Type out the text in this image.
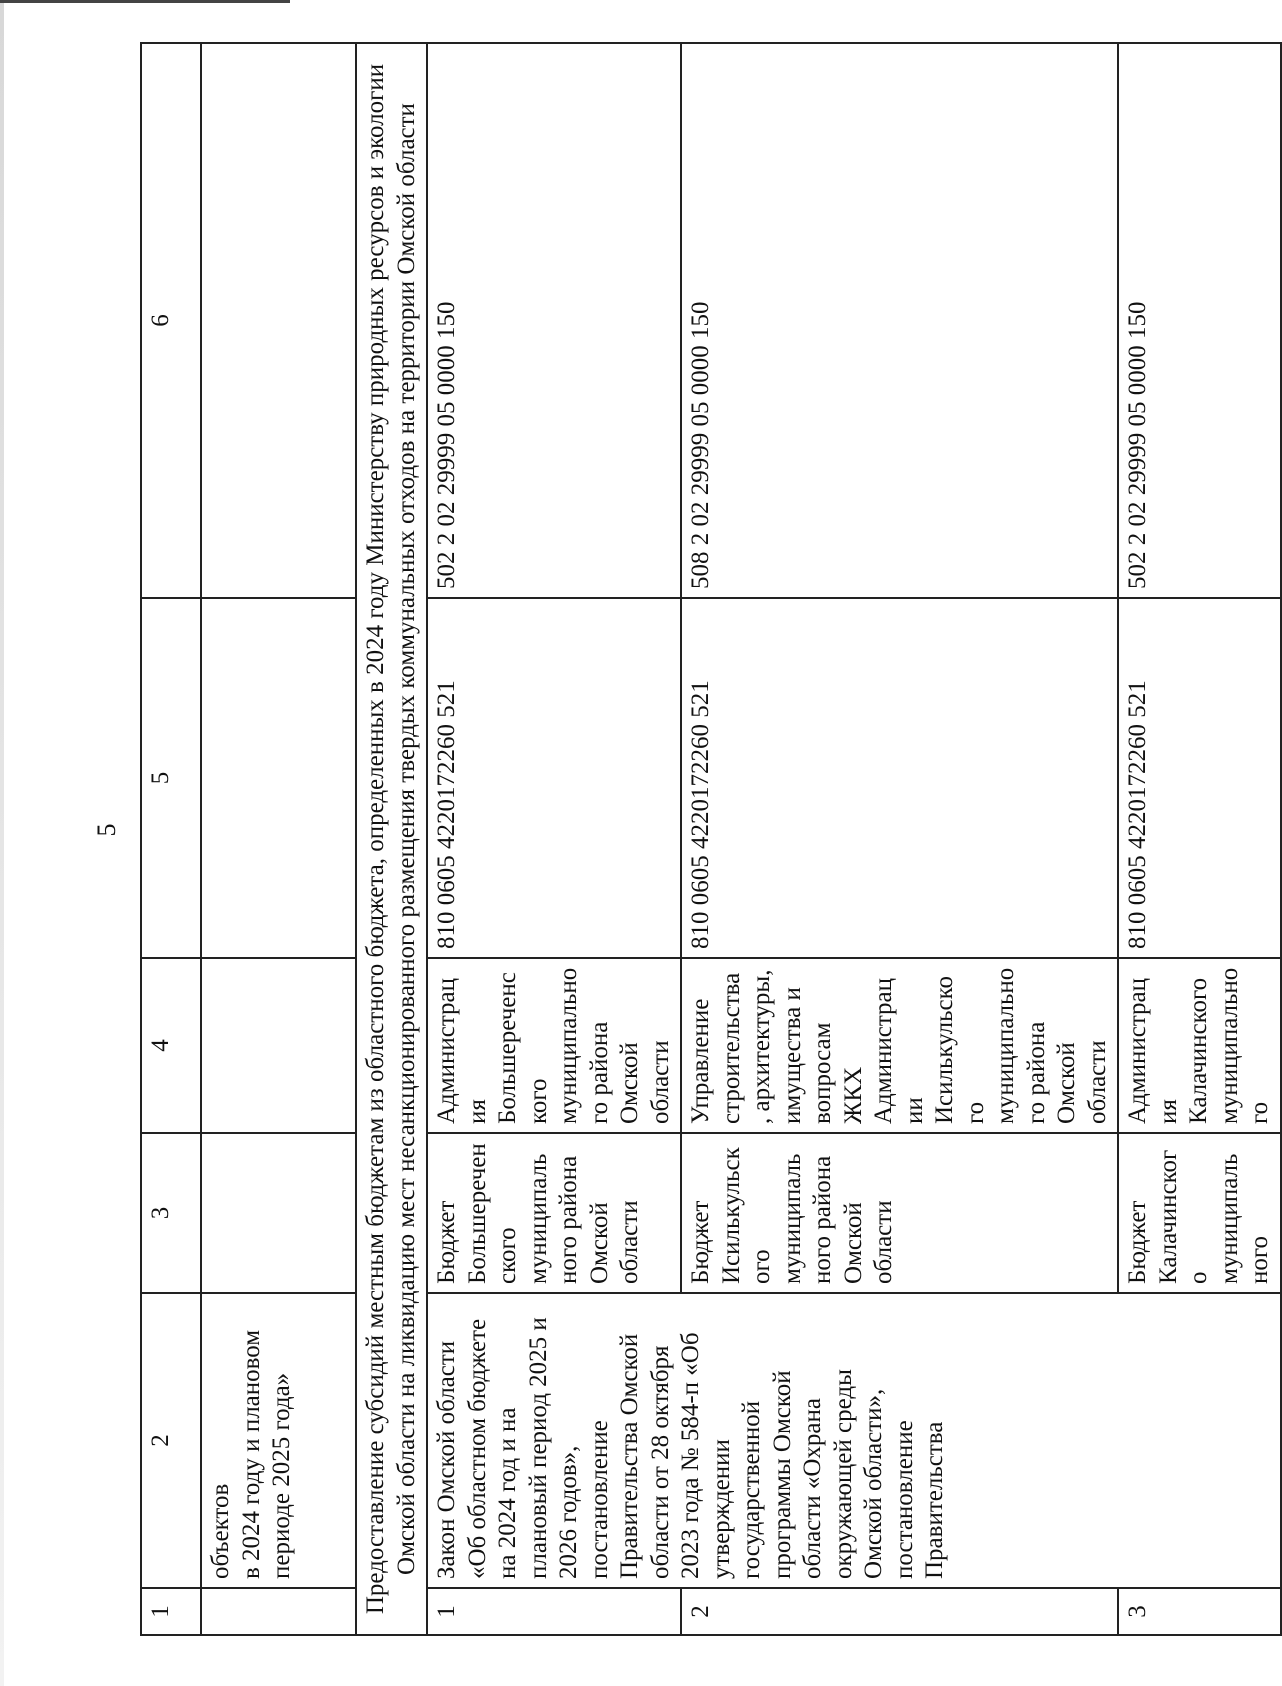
5
1	2	3	4	5	6
	объектов
в 2024 году и плановом периоде 2025 года»				
Предоставление субсидий местным бюджетам из областного бюджета, определенных в 2024 году Министерству природных ресурсов и экологии Омской области на ликвидацию мест несанкционированного размещения твердых коммунальных отходов на территории Омской области					
1	Закон Омской области «Об областном бюджете на 2024 год и на плановый период 2025 и 2026 годов», постановление Правительства Омской области от 28 октября 2023 года № 584-п «Об утверждении государственной программы Омской области «Охрана окружающей среды Омской области», постановление Правительства	Бюджет Большереченского муниципального района Омской области	Администрация Большереченского муниципального района Омской области	810 0605 4220172260 521	502 2 02 29999 05 0000 150
2		Бюджет Исилькульского муниципального района Омской области	Управление строительства, архитектуры, имущества и вопросам ЖКХ Администрации Исилькульского муниципального района Омской области	810 0605 4220172260 521	508 2 02 29999 05 0000 150
3		Бюджет Калачинского муниципального	Администрация Калачинского муниципального	810 0605 4220172260 521	502 2 02 29999 05 0000 150
